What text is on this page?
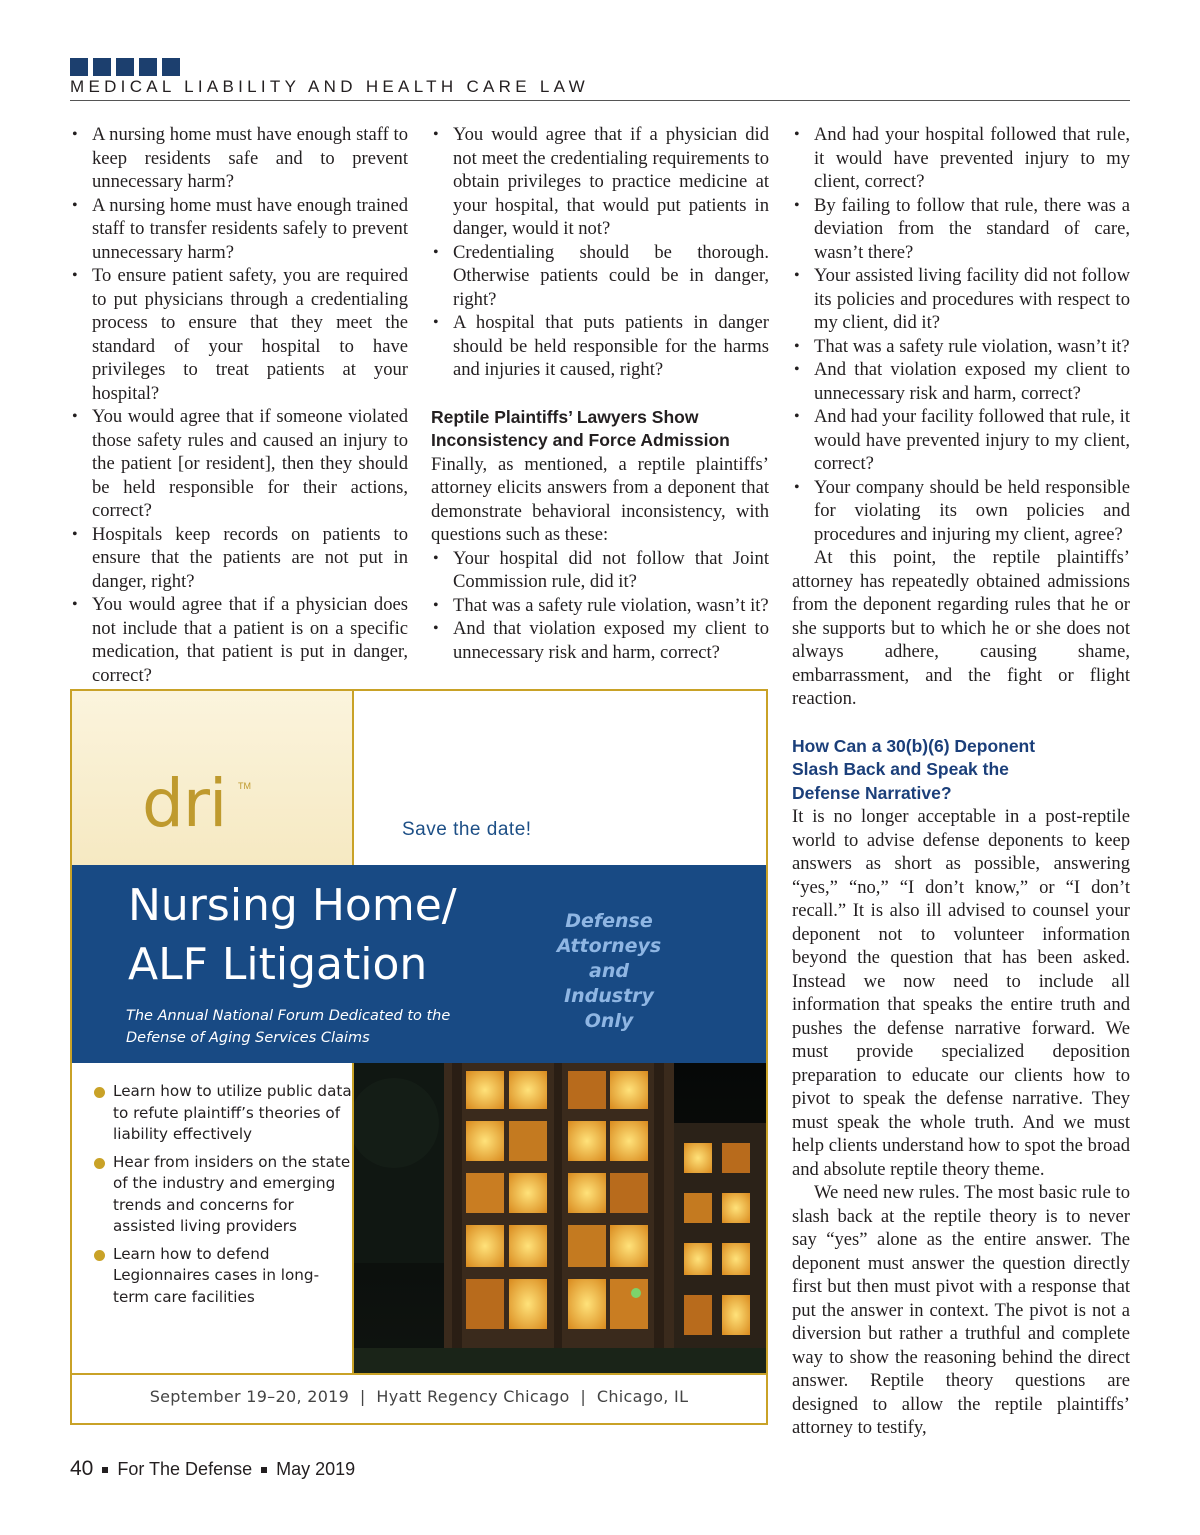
MEDICAL LIABILITY AND HEALTH CARE LAW
• A nursing home must have enough staff to keep residents safe and to prevent unnecessary harm?
• A nursing home must have enough trained staff to transfer residents safely to prevent unnecessary harm?
• To ensure patient safety, you are required to put physicians through a credentialing process to ensure that they meet the standard of your hospital to have privileges to treat patients at your hospital?
• You would agree that if someone violated those safety rules and caused an injury to the patient [or resident], then they should be held responsible for their actions, correct?
• Hospitals keep records on patients to ensure that the patients are not put in danger, right?
• You would agree that if a physician does not include that a patient is on a specific medication, that patient is put in danger, correct?
• You would agree that if a physician did not meet the credentialing requirements to obtain privileges to practice medicine at your hospital, that would put patients in danger, would it not?
• Credentialing should be thorough. Otherwise patients could be in danger, right?
• A hospital that puts patients in danger should be held responsible for the harms and injuries it caused, right?

Reptile Plaintiffs’ Lawyers Show
Inconsistency and Force Admission

Finally, as mentioned, a reptile plaintiffs’ attorney elicits answers from a deponent that demonstrate behavioral inconsistency, with questions such as these:

• Your hospital did not follow that Joint Commission rule, did it?
• That was a safety rule violation, wasn’t it?
• And that violation exposed my client to unnecessary risk and harm, correct?
• And had your hospital followed that rule, it would have prevented injury to my client, correct?
• By failing to follow that rule, there was a deviation from the standard of care, wasn’t there?
• Your assisted living facility did not follow its policies and procedures with respect to my client, did it?
• That was a safety rule violation, wasn’t it?
• And that violation exposed my client to unnecessary risk and harm, correct?
• And had your facility followed that rule, it would have prevented injury to my client, correct?
• Your company should be held responsible for violating its own policies and procedures and injuring my client, agree?

At this point, the reptile plaintiffs’ attorney has repeatedly obtained admissions from the deponent regarding rules that he or she supports but to which he or she does not always adhere, causing shame, embarrassment, and the fight or flight reaction.

How Can a 30(b)(6) Deponent
Slash Back and Speak the
Defense Narrative?

It is no longer acceptable in a post-reptile world to advise defense deponents to keep answers as short as possible, answering “yes,” “no,” “I don’t know,” or “I don’t recall.” It is also ill advised to counsel your deponent not to volunteer information beyond the question that has been asked. Instead we now need to include all information that speaks the entire truth and pushes the defense narrative forward. We must provide specialized deposition preparation to educate our clients how to pivot to speak the defense narrative. They must speak the whole truth. And we must help clients understand how to spot the broad and absolute reptile theory theme.

We need new rules. The most basic rule to slash back at the reptile theory is to never say “yes” alone as the entire answer. The deponent must answer the question directly first but then must pivot with a response that put the answer in context. The pivot is not a diversion but rather a truthful and complete way to show the reasoning behind the direct answer. Reptile theory questions are designed to allow the reptile plaintiffs’ attorney to testify,

dri TM
Save the date!
Nursing Home/
ALF Litigation
The Annual National Forum Dedicated to the Defense of Aging Services Claims
Defense
Attorneys
and
Industry
Only
Learn how to utilize public data to refute plaintiff’s theories of liability effectively
Hear from insiders on the state of the industry and emerging trends and concerns for assisted living providers
Learn how to defend Legionnaires cases in long-term care facilities
September 19–20, 2019  |  Hyatt Regency Chicago  |  Chicago, IL
40 For The Defense May 2019
